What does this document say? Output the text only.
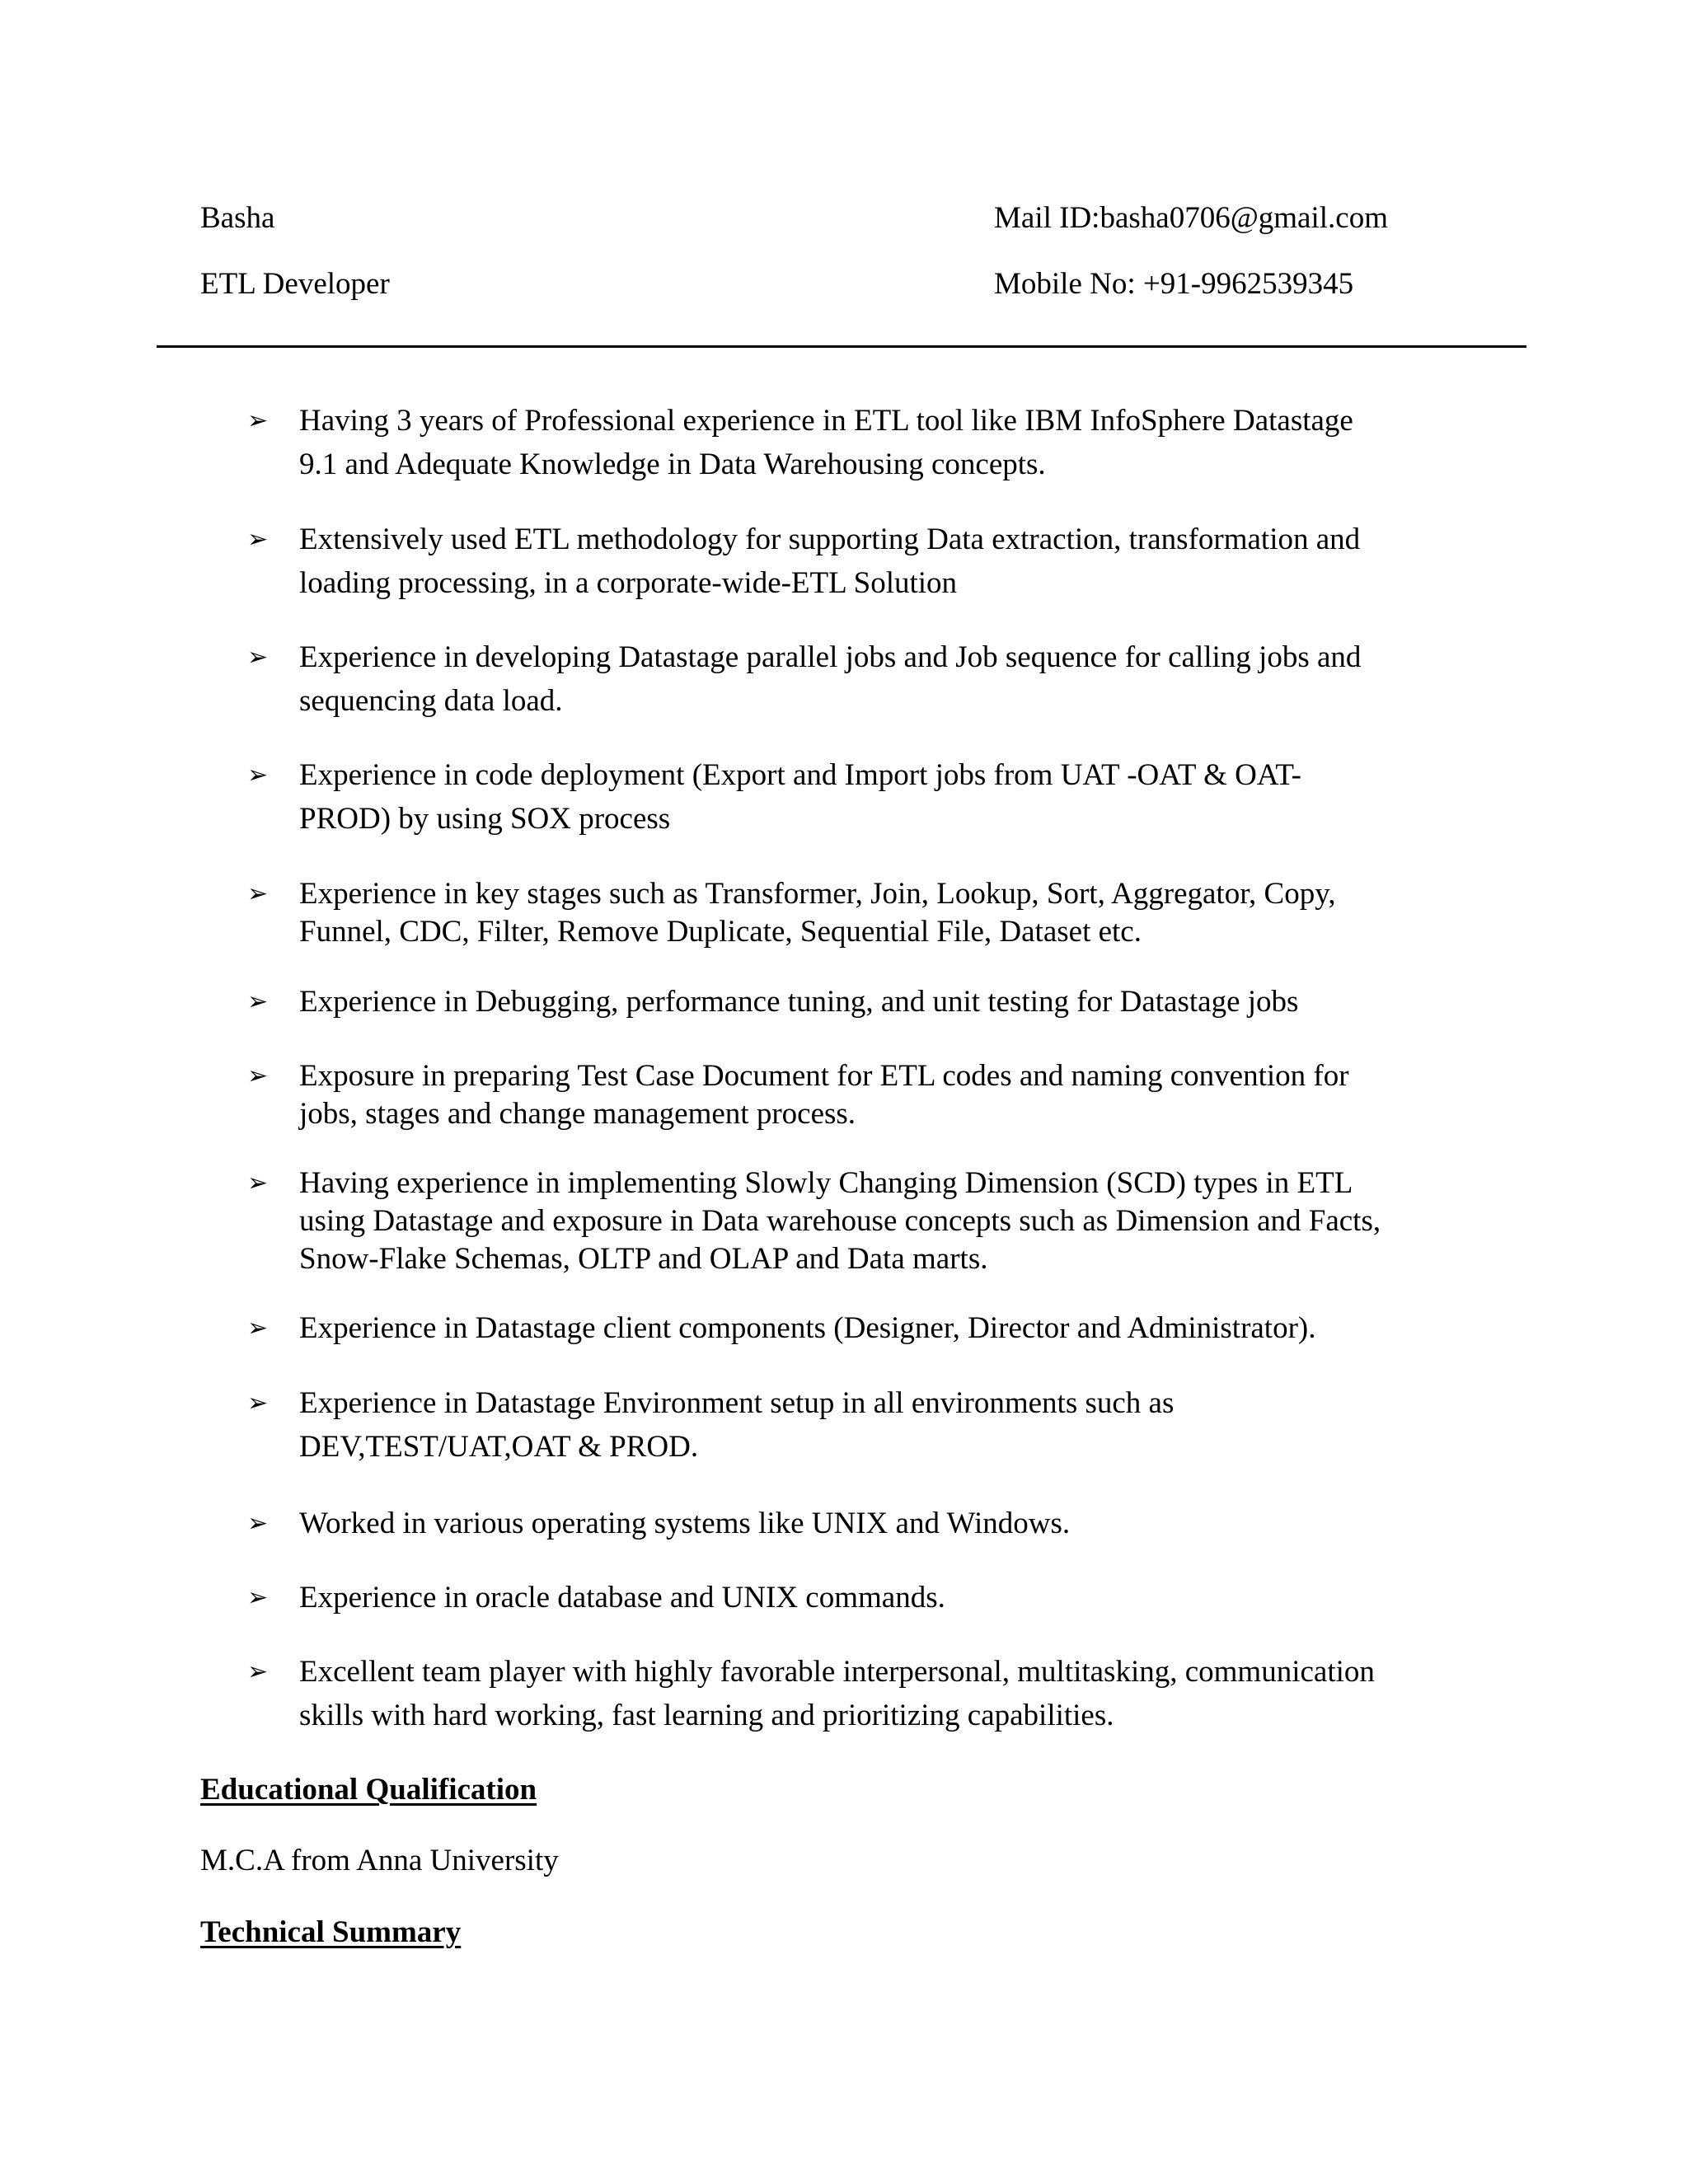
Basha	Mail ID:basha0706@gmail.com
ETL Developer	Mobile No: +91-9962539345
➢ Having 3 years of Professional experience in ETL tool like IBM InfoSphere Datastage
9.1 and Adequate Knowledge in Data Warehousing concepts.
➢ Extensively used ETL methodology for supporting Data extraction, transformation and
loading processing, in a corporate-wide-ETL Solution
➢ Experience in developing Datastage parallel jobs and Job sequence for calling jobs and
sequencing data load.
➢ Experience in code deployment (Export and Import jobs from UAT -OAT & OAT-
PROD) by using SOX process
➢ Experience in key stages such as Transformer, Join, Lookup, Sort, Aggregator, Copy,
Funnel, CDC, Filter, Remove Duplicate, Sequential File, Dataset etc.
➢ Experience in Debugging, performance tuning, and unit testing for Datastage jobs
➢ Exposure in preparing Test Case Document for ETL codes and naming convention for
jobs, stages and change management process.
➢ Having experience in implementing Slowly Changing Dimension (SCD) types in ETL
using Datastage and exposure in Data warehouse concepts such as Dimension and Facts,
Snow-Flake Schemas, OLTP and OLAP and Data marts.
➢ Experience in Datastage client components (Designer, Director and Administrator).
➢ Experience in Datastage Environment setup in all environments such as
DEV,TEST/UAT,OAT & PROD.
➢ Worked in various operating systems like UNIX and Windows.
➢ Experience in oracle database and UNIX commands.
➢ Excellent team player with highly favorable interpersonal, multitasking, communication
skills with hard working, fast learning and prioritizing capabilities.
Educational Qualification
M.C.A from Anna University
Technical Summary
